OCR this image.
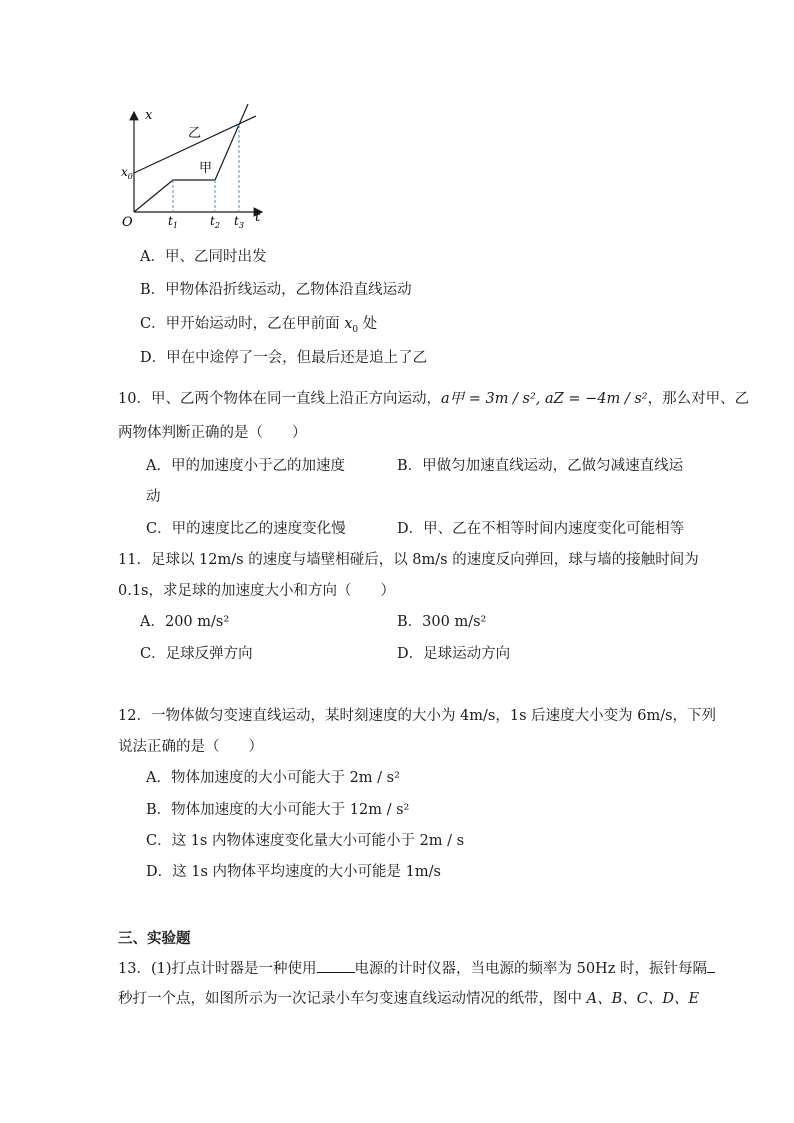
x
t
O
$x_0$
$t_1$	$t_2$ $t_3$
乙
甲
A．甲、乙同时出发
B．甲物体沿折线运动，乙物体沿直线运动
C．甲开始运动时，乙在甲前面 $x_0$ 处
D．甲在中途停了一会，但最后还是追上了乙
10．甲、乙两个物体在同一直线上沿正方向运动，a甲 = 3m / s², aZ = −4m / s²，那么对甲、乙
两物体判断正确的是（　　）
A．甲的加速度小于乙的加速度	B．甲做匀加速直线运动，乙做匀减速直线运
动
C．甲的速度比乙的速度变化慢	D．甲、乙在不相等时间内速度变化可能相等
11．足球以 12m/s 的速度与墙壁相碰后，以 8m/s 的速度反向弹回，球与墙的接触时间为
0.1s，求足球的加速度大小和方向（　　）
A．200 m/s²	B．300 m/s²
C．足球反弹方向	D．足球运动方向
12．一物体做匀变速直线运动，某时刻速度的大小为 4m/s，1s 后速度大小变为 6m/s，下列
说法正确的是（　　）
A．物体加速度的大小可能大于 2m / s²
B．物体加速度的大小可能大于 12m / s²
C．这 1s 内物体速度变化量大小可能小于 2m / s
D．这 1s 内物体平均速度的大小可能是 1m/s
三、实验题
13．(1)打点计时器是一种使用	电源的计时仪器，当电源的频率为 50Hz 时，振针每隔
秒打一个点，如图所示为一次记录小车匀变速直线运动情况的纸带，图中 A、B、C、D、E
